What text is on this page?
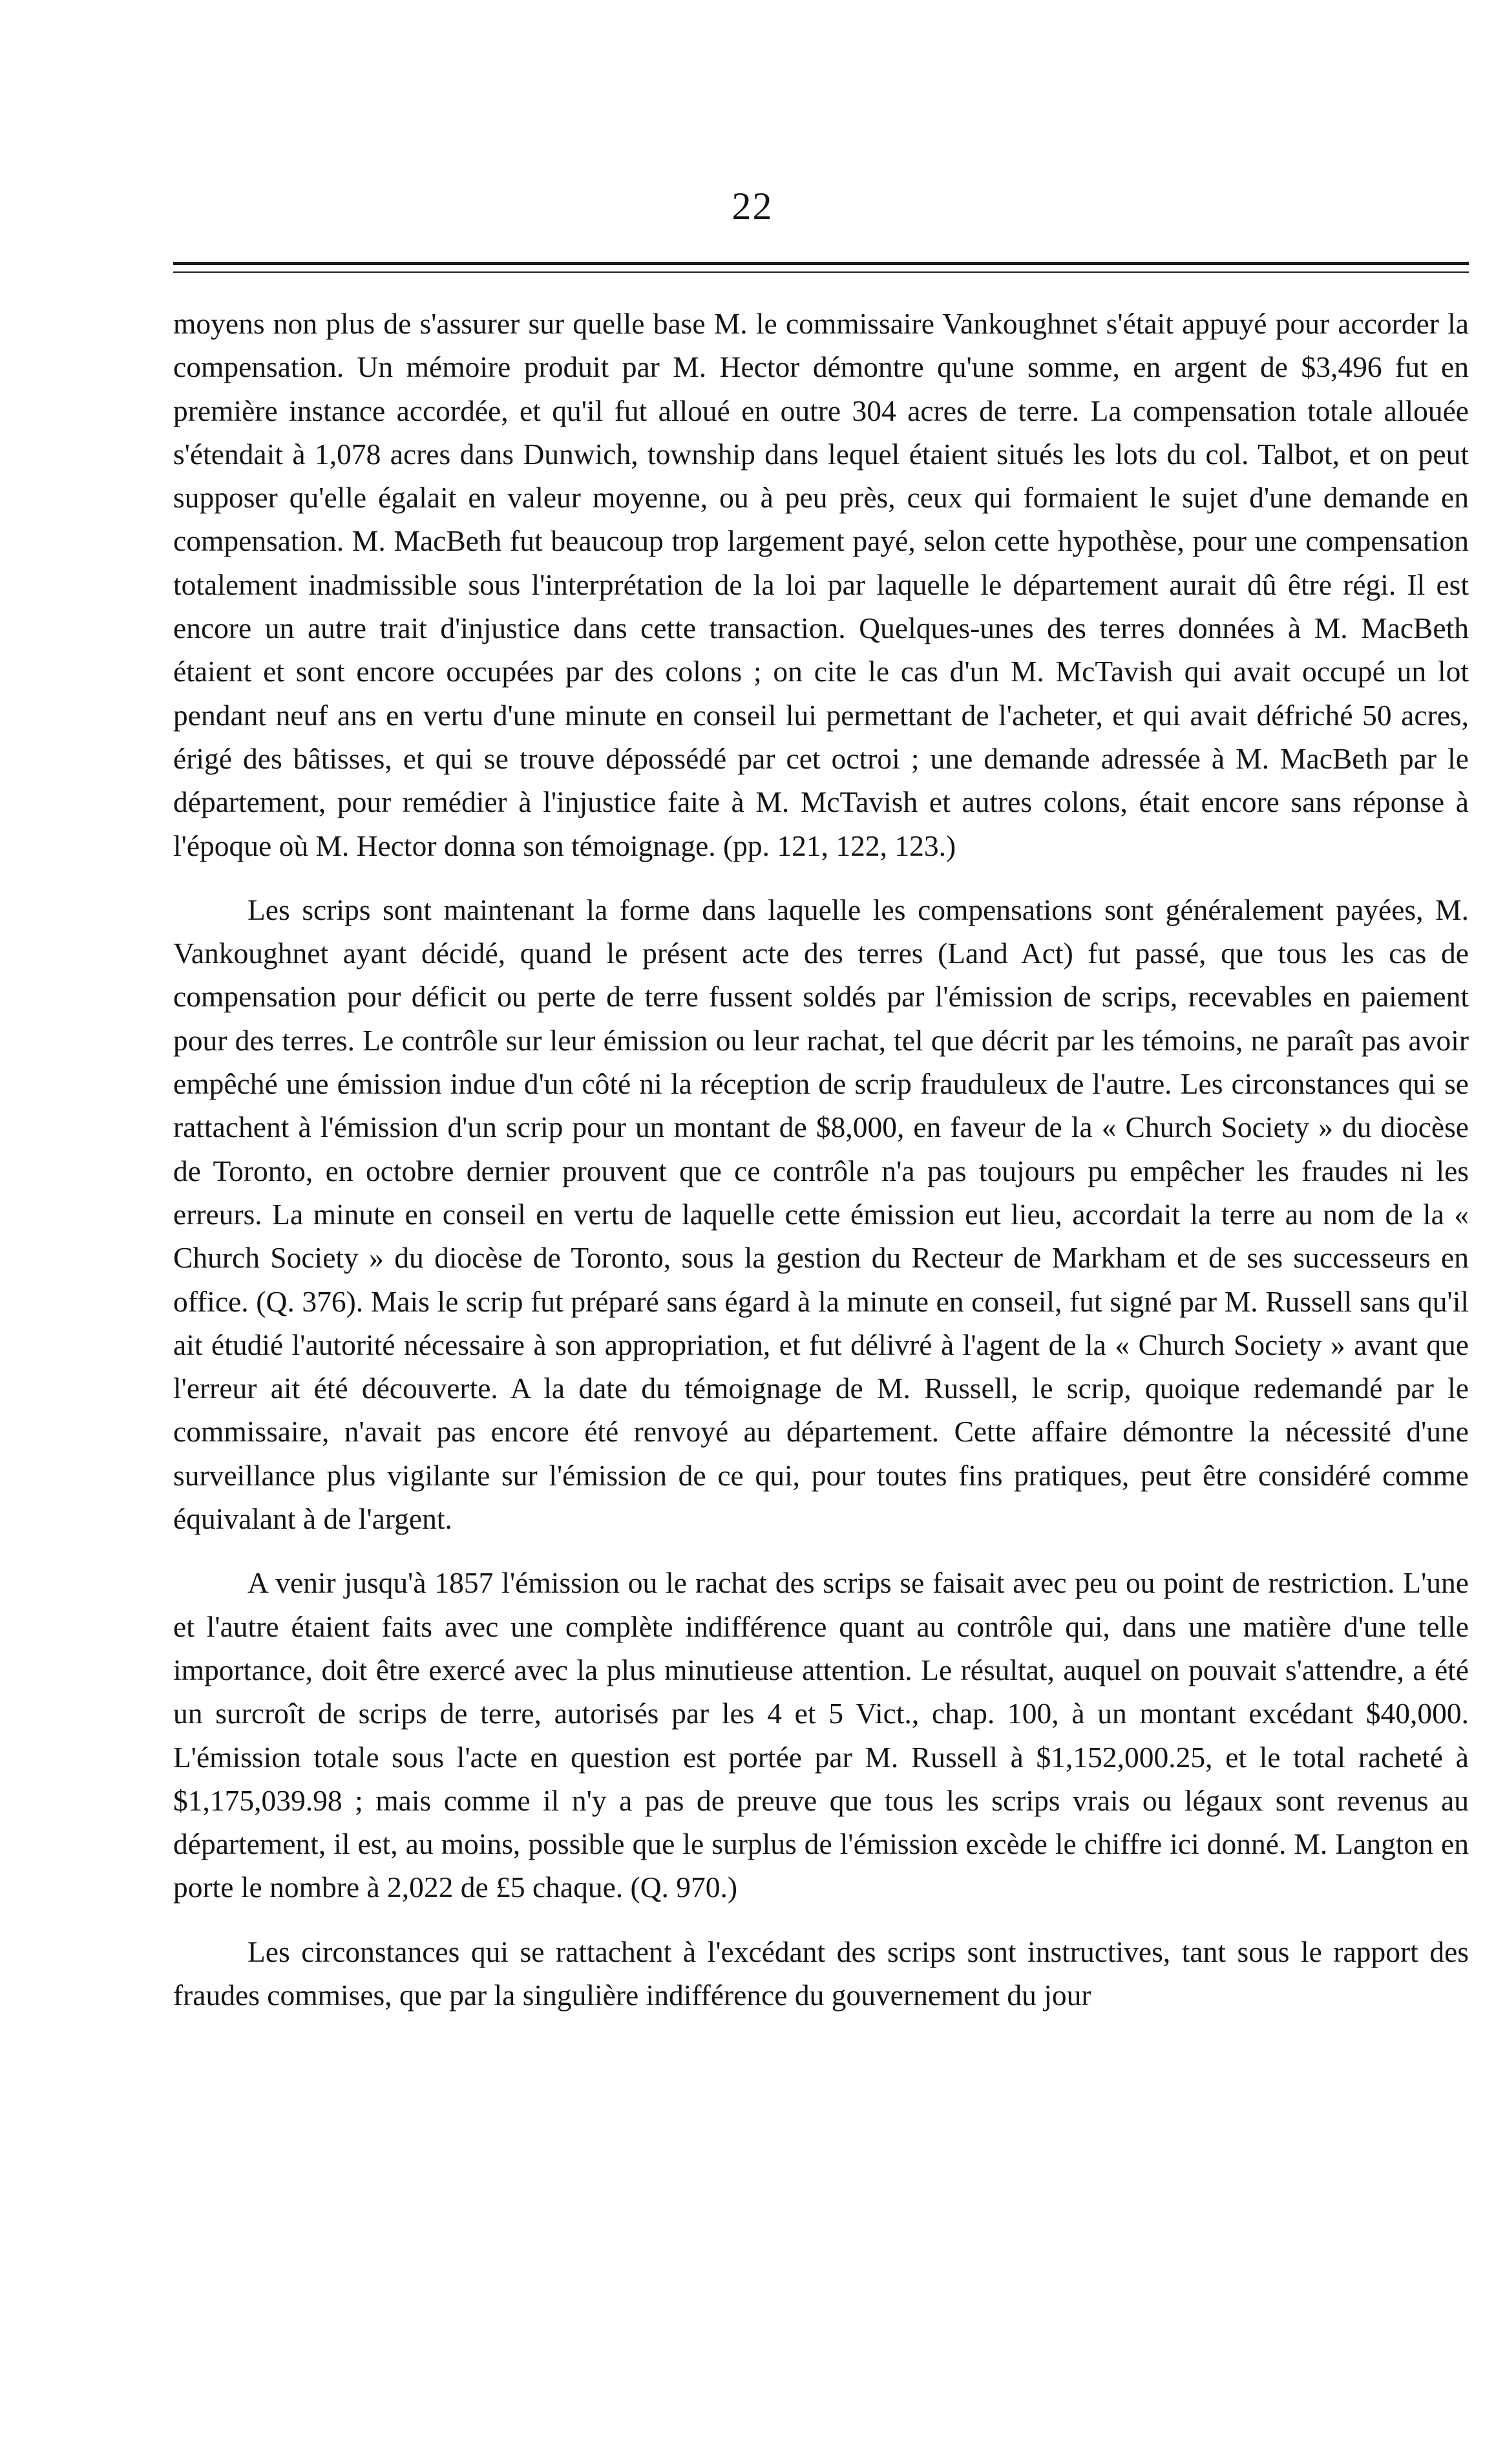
22

moyens non plus de s'assurer sur quelle base M. le commissaire Vankoughnet s'était appuyé pour accorder la compensation. Un mémoire produit par M. Hector démontre qu'une somme, en argent de $3,496 fut en première instance accordée, et qu'il fut alloué en outre 304 acres de terre. La compensation totale allouée s'étendait à 1,078 acres dans Dunwich, township dans lequel étaient situés les lots du col. Talbot, et on peut supposer qu'elle égalait en valeur moyenne, ou à peu près, ceux qui formaient le sujet d'une demande en compensation. M. MacBeth fut beaucoup trop largement payé, selon cette hypothèse, pour une compensation totalement inadmissible sous l'interprétation de la loi par laquelle le département aurait dû être régi. Il est encore un autre trait d'injustice dans cette transaction. Quelques-unes des terres données à M. MacBeth étaient et sont encore occupées par des colons ; on cite le cas d'un M. McTavish qui avait occupé un lot pendant neuf ans en vertu d'une minute en conseil lui permettant de l'acheter, et qui avait défriché 50 acres, érigé des bâtisses, et qui se trouve dépossédé par cet octroi ; une demande adressée à M. MacBeth par le département, pour remédier à l'injustice faite à M. McTavish et autres colons, était encore sans réponse à l'époque où M. Hector donna son témoignage. (pp. 121, 122, 123.)

Les scrips sont maintenant la forme dans laquelle les compensations sont généralement payées, M. Vankoughnet ayant décidé, quand le présent acte des terres (Land Act) fut passé, que tous les cas de compensation pour déficit ou perte de terre fussent soldés par l'émission de scrips, recevables en paiement pour des terres. Le contrôle sur leur émission ou leur rachat, tel que décrit par les témoins, ne paraît pas avoir empêché une émission indue d'un côté ni la réception de scrip frauduleux de l'autre. Les circonstances qui se rattachent à l'émission d'un scrip pour un montant de $8,000, en faveur de la « Church Society » du diocèse de Toronto, en octobre dernier prouvent que ce contrôle n'a pas toujours pu empêcher les fraudes ni les erreurs. La minute en conseil en vertu de laquelle cette émission eut lieu, accordait la terre au nom de la « Church Society » du diocèse de Toronto, sous la gestion du Recteur de Markham et de ses successeurs en office. (Q. 376). Mais le scrip fut préparé sans égard à la minute en conseil, fut signé par M. Russell sans qu'il ait étudié l'autorité nécessaire à son appropriation, et fut délivré à l'agent de la « Church Society » avant que l'erreur ait été découverte. A la date du témoignage de M. Russell, le scrip, quoique redemandé par le commissaire, n'avait pas encore été renvoyé au département. Cette affaire démontre la nécessité d'une surveillance plus vigilante sur l'émission de ce qui, pour toutes fins pratiques, peut être considéré comme équivalant à de l'argent.

A venir jusqu'à 1857 l'émission ou le rachat des scrips se faisait avec peu ou point de restriction. L'une et l'autre étaient faits avec une complète indifférence quant au contrôle qui, dans une matière d'une telle importance, doit être exercé avec la plus minutieuse attention. Le résultat, auquel on pouvait s'attendre, a été un surcroît de scrips de terre, autorisés par les 4 et 5 Vict., chap. 100, à un montant excédant $40,000. L'émission totale sous l'acte en question est portée par M. Russell à $1,152,000.25, et le total racheté à $1,175,039.98 ; mais comme il n'y a pas de preuve que tous les scrips vrais ou légaux sont revenus au département, il est, au moins, possible que le surplus de l'émission excède le chiffre ici donné. M. Langton en porte le nombre à 2,022 de £5 chaque. (Q. 970.)

Les circonstances qui se rattachent à l'excédant des scrips sont instructives, tant sous le rapport des fraudes commises, que par la singulière indifférence du gouvernement du jour
